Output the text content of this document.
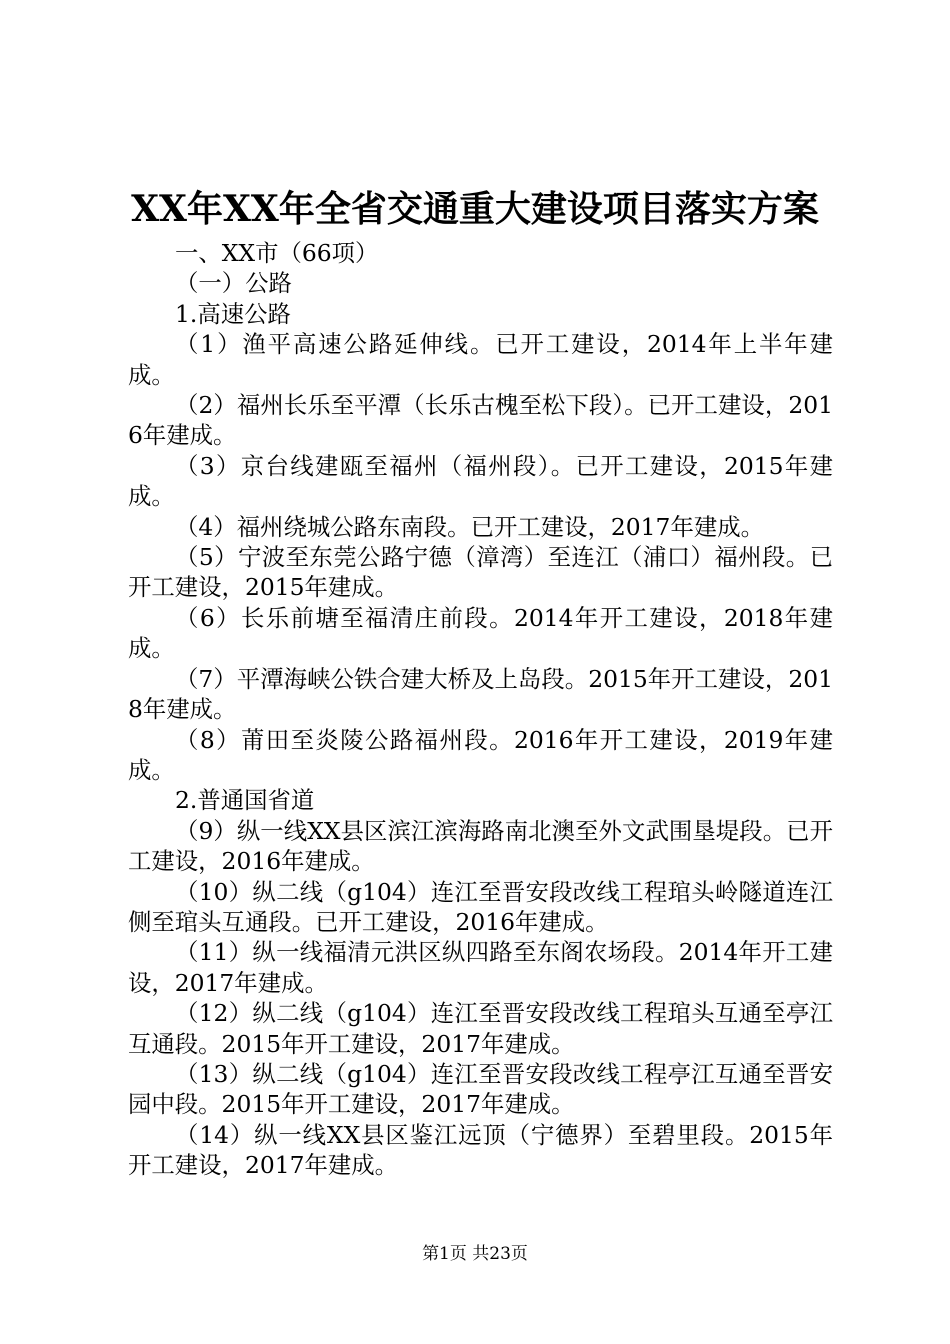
XX年XX年全省交通重大建设项目落实方案

一、XX市（66项）

（一）公路

1.高速公路

（1）渔平高速公路延伸线。已开工建设，2014年上半年建成。

（2）福州长乐至平潭（长乐古槐至松下段）。已开工建设，2016年建成。

（3）京台线建瓯至福州（福州段）。已开工建设，2015年建成。

（4）福州绕城公路东南段。已开工建设，2017年建成。

（5）宁波至东莞公路宁德（漳湾）至连江（浦口）福州段。已开工建设，2015年建成。

（6）长乐前塘至福清庄前段。2014年开工建设，2018年建成。

（7）平潭海峡公铁合建大桥及上岛段。2015年开工建设，2018年建成。

（8）莆田至炎陵公路福州段。2016年开工建设，2019年建成。

2.普通国省道

（9）纵一线XX县区滨江滨海路南北澳至外文武围垦堤段。已开工建设，2016年建成。

（10）纵二线（g104）连江至晋安段改线工程琯头岭隧道连江侧至琯头互通段。已开工建设，2016年建成。

（11）纵一线福清元洪区纵四路至东阁农场段。2014年开工建设，2017年建成。

（12）纵二线（g104）连江至晋安段改线工程琯头互通至亭江互通段。2015年开工建设，2017年建成。

（13）纵二线（g104）连江至晋安段改线工程亭江互通至晋安园中段。2015年开工建设，2017年建成。

（14）纵一线XX县区鉴江远顶（宁德界）至碧里段。2015年开工建设，2017年建成。

第1页 共23页
